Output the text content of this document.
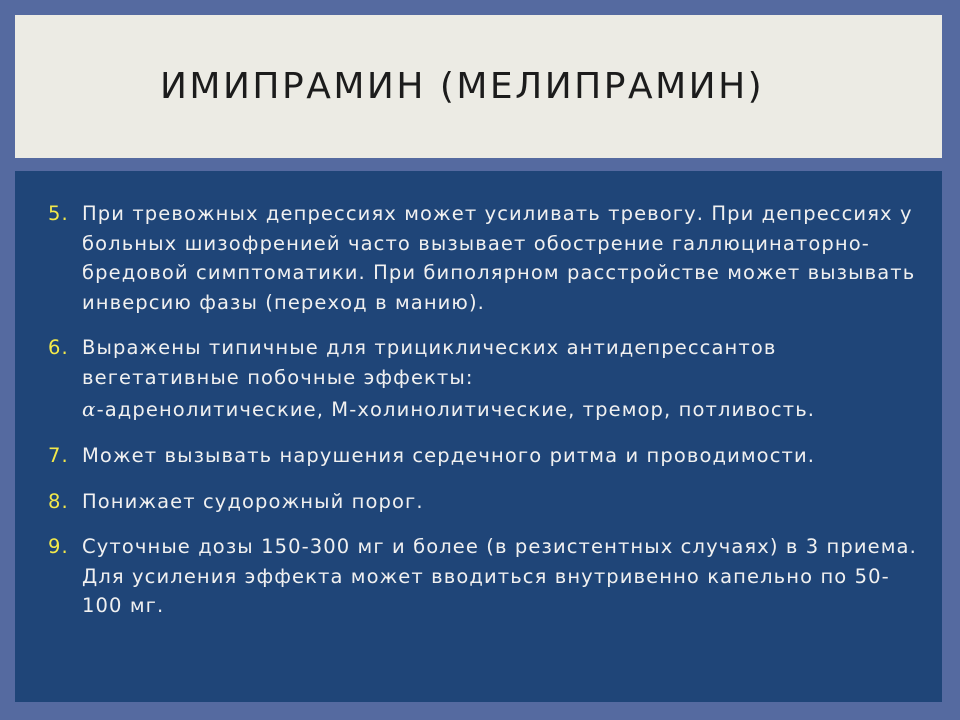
ИМИПРАМИН (МЕЛИПРАМИН)
5. При тревожных депрессиях может усиливать тревогу. При депрессиях у больных шизофренией часто вызывает обострение галлюцинаторно-бредовой симптоматики. При биполярном расстройстве может вызывать инверсию фазы (переход в манию).
6. Выражены типичные для трициклических антидепрессантов вегетативные побочные эффекты:
α-адренолитические, М-холинолитические, тремор, потливость.
7. Может вызывать нарушения сердечного ритма и проводимости.
8. Понижает судорожный порог.
9. Суточные дозы 150-300 мг и более (в резистентных случаях) в 3 приема. Для усиления эффекта может вводиться внутривенно капельно по 50-100 мг.
